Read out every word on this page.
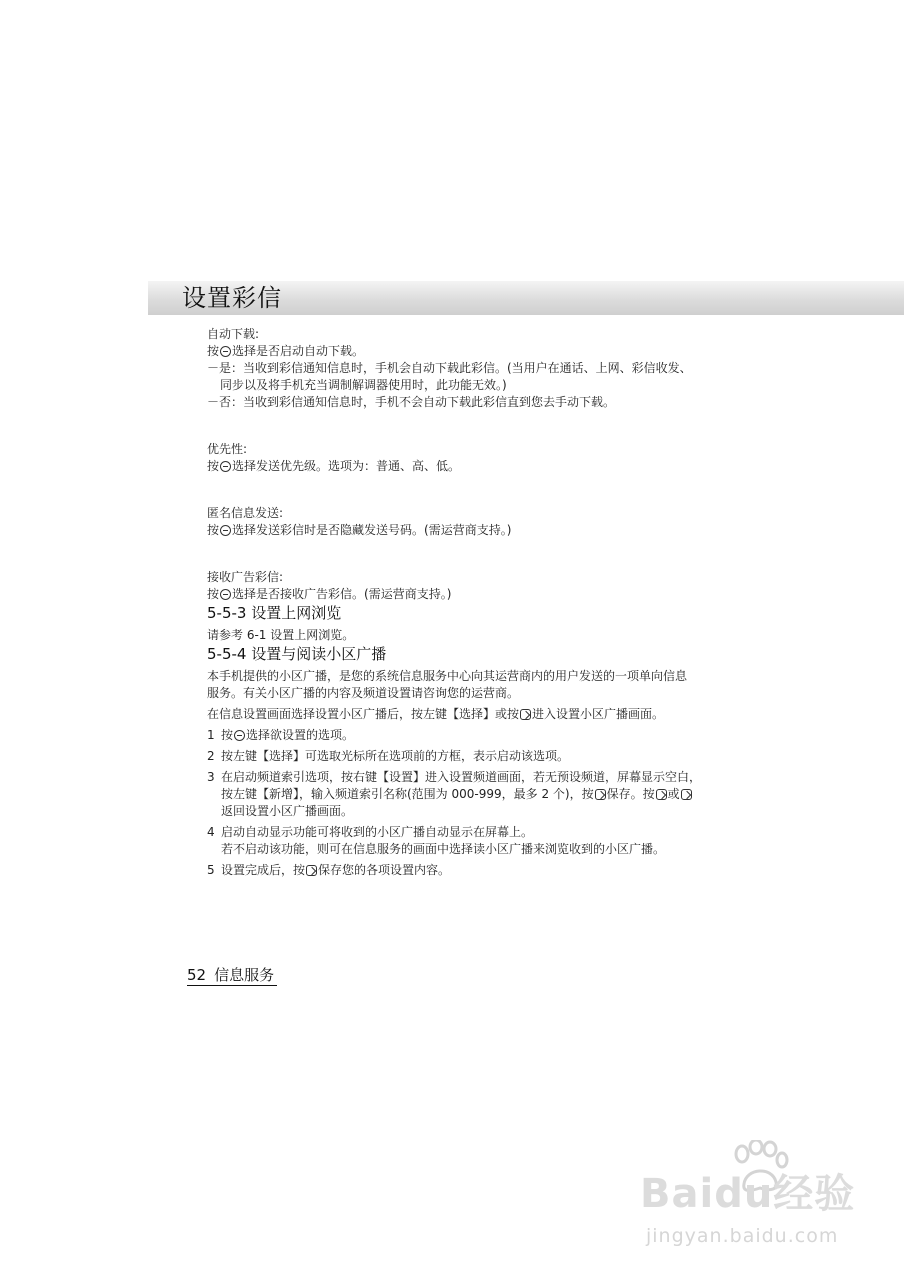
设置彩信

自动下载:

按 选择是否启动自动下载。

－是：当收到彩信通知信息时，手机会自动下载此彩信。(当用户在通话、上网、彩信收发、

同步以及将手机充当调制解调器使用时，此功能无效。)

－否：当收到彩信通知信息时，手机不会自动下载此彩信直到您去手动下载。

优先性:

按 选择发送优先级。选项为：普通、高、低。

匿名信息发送:

按 选择发送彩信时是否隐藏发送号码。(需运营商支持。)

接收广告彩信:

按 选择是否接收广告彩信。(需运营商支持。)

5-5-3 设置上网浏览

请参考 6-1 设置上网浏览。

5-5-4 设置与阅读小区广播

本手机提供的小区广播，是您的系统信息服务中心向其运营商内的用户发送的一项单向信息

服务。有关小区广播的内容及频道设置请咨询您的运营商。

在信息设置画面选择设置小区广播后，按左键【选择】或按 进入设置小区广播画面。

1 按 选择欲设置的选项。

2 按左键【选择】可选取光标所在选项前的方框，表示启动该选项。

3 在启动频道索引选项，按右键【设置】进入设置频道画面，若无预设频道，屏幕显示空白，

按左键【新增】，输入频道索引名称(范围为 000-999，最多 2 个)，按 保存。按 或

返回设置小区广播画面。

4 启动自动显示功能可将收到的小区广播自动显示在屏幕上。

若不启动该功能，则可在信息服务的画面中选择读小区广播来浏览收到的小区广播。

5 设置完成后，按 保存您的各项设置内容。

52 信息服务
Baidu经验
jingyan.baidu.com
